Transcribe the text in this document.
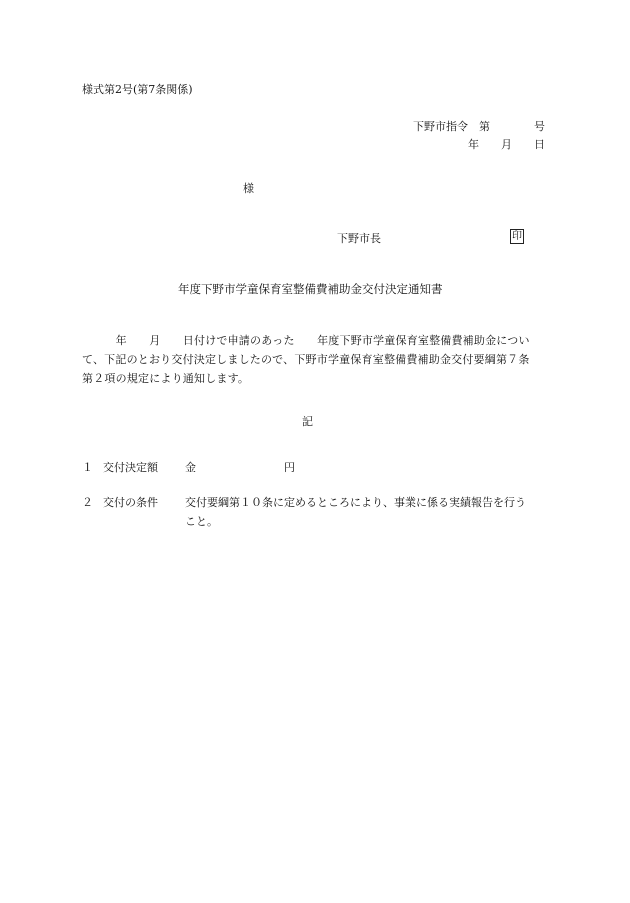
様式第2号(第7条関係)
下野市指令　第　　　　号
年　　月　　日
様
下野市長	印
年度下野市学童保育室整備費補助金交付決定通知書
　　　年　　月　　日付けで申請のあった　　年度下野市学童保育室整備費補助金につい
て、下記のとおり交付決定しましたので、下野市学童保育室整備費補助金交付要綱第７条
第２項の規定により通知します。
記
１ 交付決定額 金　　　　　　　　円
２ 交付の条件 交付要綱第１０条に定めるところにより、事業に係る実績報告を行う
こと。
